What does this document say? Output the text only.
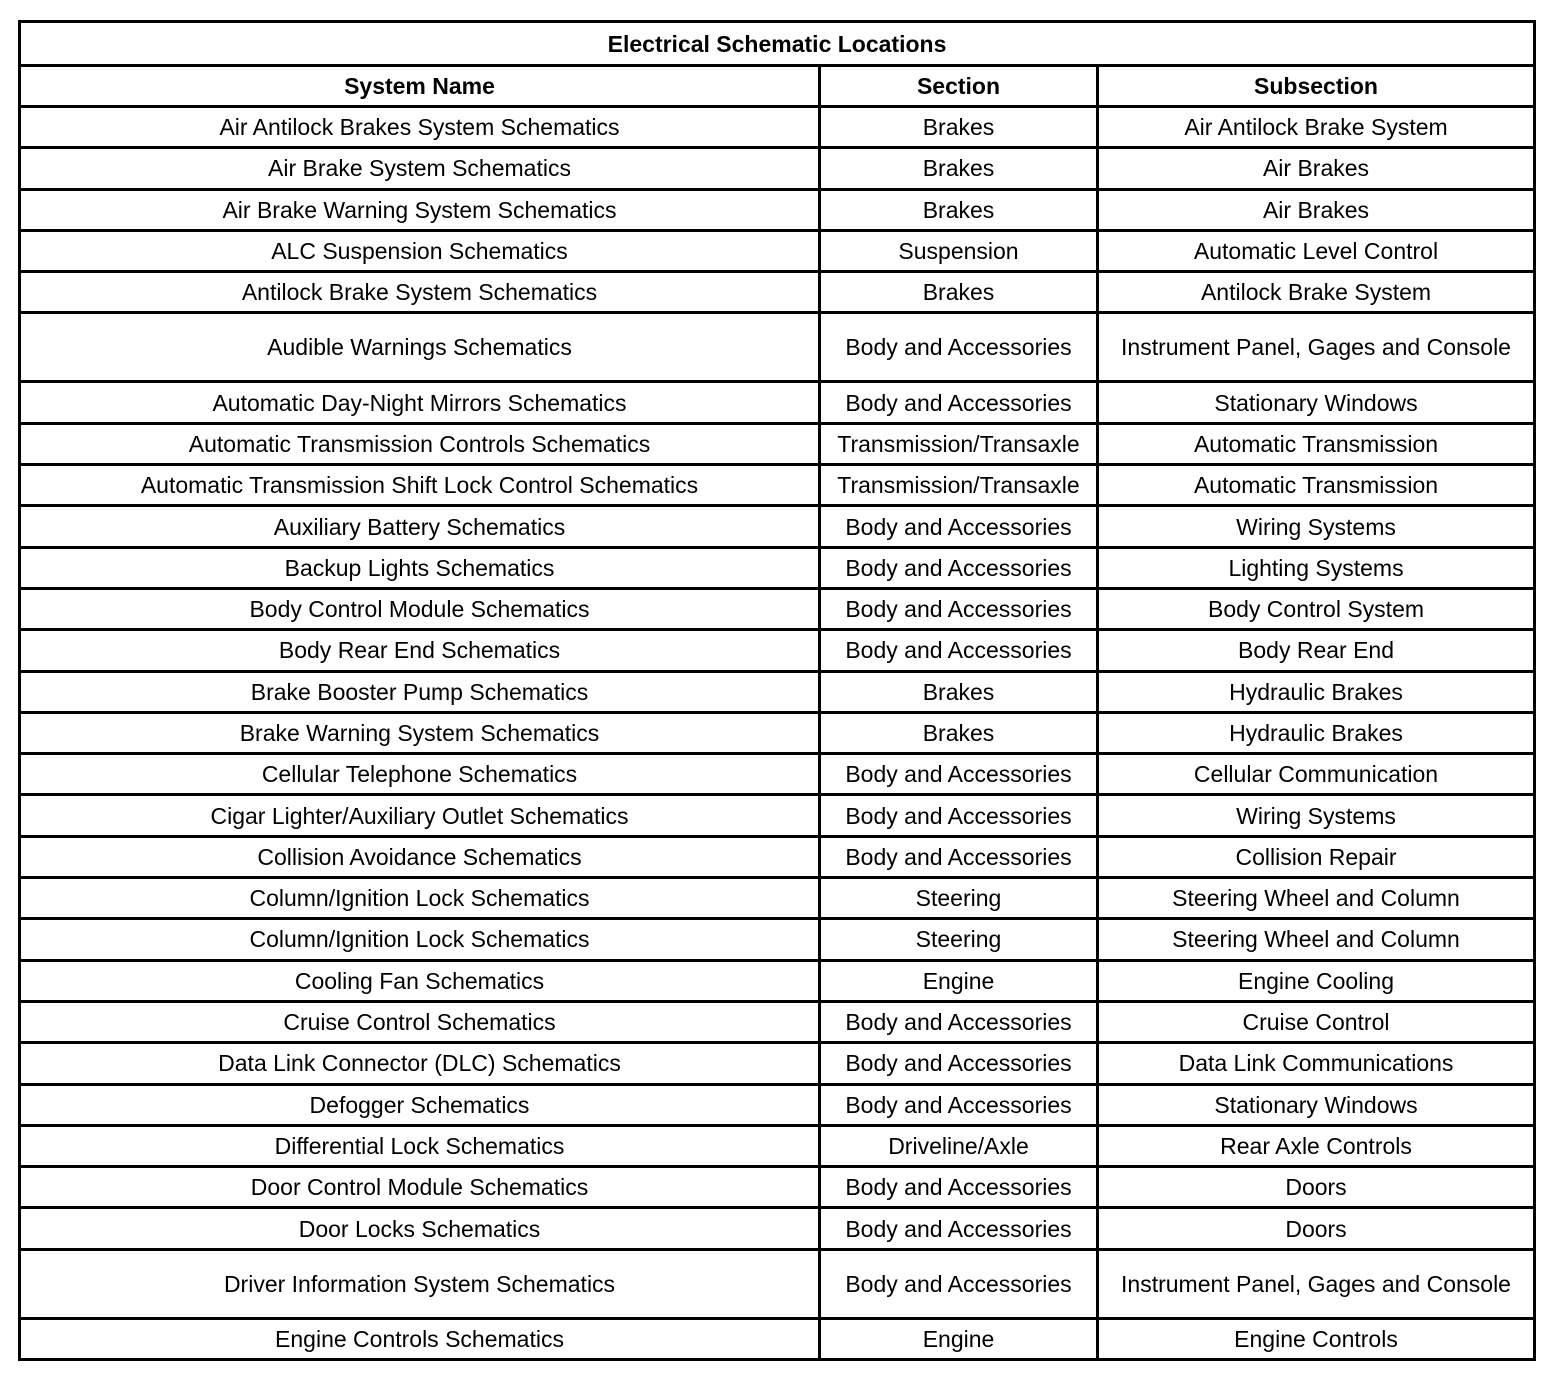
Electrical Schematic Locations		
System Name	Section	Subsection
Air Antilock Brakes System Schematics	Brakes	Air Antilock Brake System
Air Brake System Schematics	Brakes	Air Brakes
Air Brake Warning System Schematics	Brakes	Air Brakes
ALC Suspension Schematics	Suspension	Automatic Level Control
Antilock Brake System Schematics	Brakes	Antilock Brake System
Audible Warnings Schematics	Body and Accessories	Instrument Panel, Gages and Console
Automatic Day-Night Mirrors Schematics	Body and Accessories	Stationary Windows
Automatic Transmission Controls Schematics	Transmission/Transaxle	Automatic Transmission
Automatic Transmission Shift Lock Control Schematics	Transmission/Transaxle	Automatic Transmission
Auxiliary Battery Schematics	Body and Accessories	Wiring Systems
Backup Lights Schematics	Body and Accessories	Lighting Systems
Body Control Module Schematics	Body and Accessories	Body Control System
Body Rear End Schematics	Body and Accessories	Body Rear End
Brake Booster Pump Schematics	Brakes	Hydraulic Brakes
Brake Warning System Schematics	Brakes	Hydraulic Brakes
Cellular Telephone Schematics	Body and Accessories	Cellular Communication
Cigar Lighter/Auxiliary Outlet Schematics	Body and Accessories	Wiring Systems
Collision Avoidance Schematics	Body and Accessories	Collision Repair
Column/Ignition Lock Schematics	Steering	Steering Wheel and Column
Column/Ignition Lock Schematics	Steering	Steering Wheel and Column
Cooling Fan Schematics	Engine	Engine Cooling
Cruise Control Schematics	Body and Accessories	Cruise Control
Data Link Connector (DLC) Schematics	Body and Accessories	Data Link Communications
Defogger Schematics	Body and Accessories	Stationary Windows
Differential Lock Schematics	Driveline/Axle	Rear Axle Controls
Door Control Module Schematics	Body and Accessories	Doors
Door Locks Schematics	Body and Accessories	Doors
Driver Information System Schematics	Body and Accessories	Instrument Panel, Gages and Console
Engine Controls Schematics	Engine	Engine Controls
